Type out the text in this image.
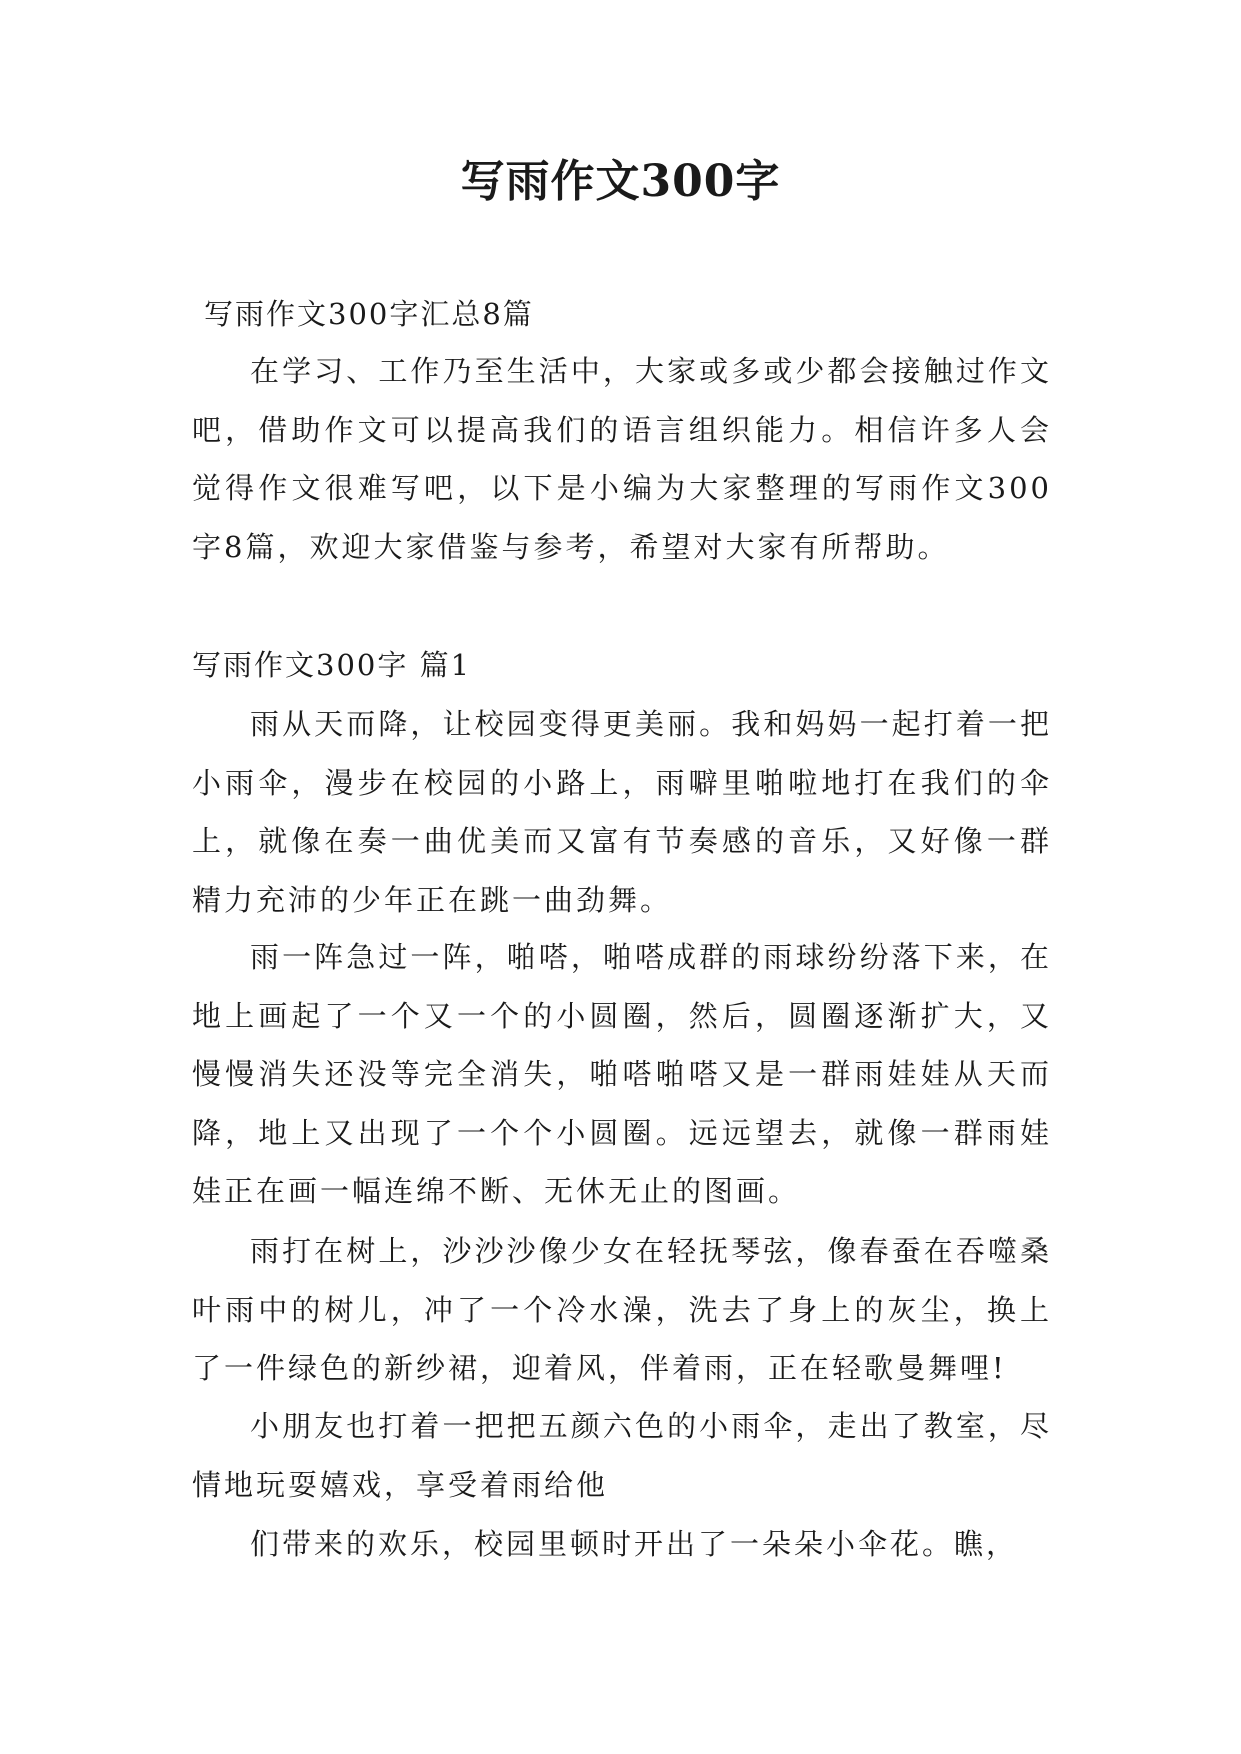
写雨作文300字

写雨作文300字汇总8篇

在学习、工作乃至生活中，大家或多或少都会接触过作文吧，借助作文可以提高我们的语言组织能力。相信许多人会觉得作文很难写吧，以下是小编为大家整理的写雨作文300字8篇，欢迎大家借鉴与参考，希望对大家有所帮助。

写雨作文300字 篇1

雨从天而降，让校园变得更美丽。我和妈妈一起打着一把小雨伞，漫步在校园的小路上，雨噼里啪啦地打在我们的伞上，就像在奏一曲优美而又富有节奏感的音乐，又好像一群精力充沛的少年正在跳一曲劲舞。

雨一阵急过一阵，啪嗒，啪嗒成群的雨球纷纷落下来，在地上画起了一个又一个的小圆圈，然后，圆圈逐渐扩大，又慢慢消失还没等完全消失，啪嗒啪嗒又是一群雨娃娃从天而降，地上又出现了一个个小圆圈。远远望去，就像一群雨娃娃正在画一幅连绵不断、无休无止的图画。

雨打在树上，沙沙沙像少女在轻抚琴弦，像春蚕在吞噬桑叶雨中的树儿，冲了一个冷水澡，洗去了身上的灰尘，换上了一件绿色的新纱裙，迎着风，伴着雨，正在轻歌曼舞哩!

小朋友也打着一把把五颜六色的小雨伞，走出了教室，尽情地玩耍嬉戏，享受着雨给他

们带来的欢乐，校园里顿时开出了一朵朵小伞花。瞧，
